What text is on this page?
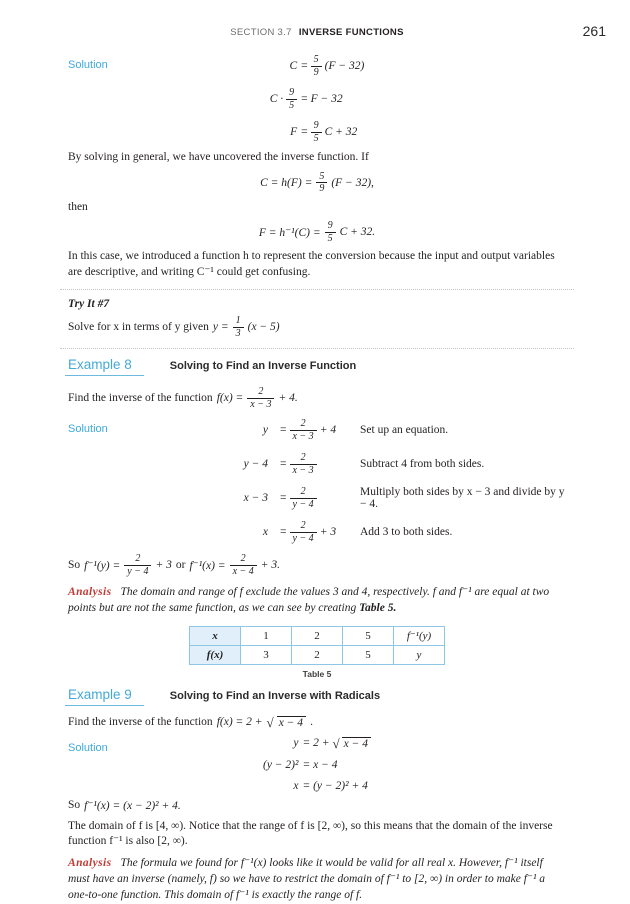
SECTION 3.7 INVERSE FUNCTIONS	261
Solution	$C = \frac{5}{9} (F - 32)$
$C \cdot \frac{9}{5} = F - 32$
$F = \frac{9}{5}$ C + 32

By solving in general, we have uncovered the inverse function. If

$C = h(F) = \frac{5}{9} (F - 32)$,

then

$F = h^{-1}(C) = \frac{9}{5}$ C + 32.

In this case, we introduced a function h to represent the conversion because the input and output variables are descriptive, and writing C⁻¹ could get confusing.

Try It #7

Solve for x in terms of y given $y = \frac{1}{3} (x - 5)$
Example 8	Solving to Find an Inverse Function
Find the inverse of the function $f(x) = \frac{2}{x - 3} + 4$.
Solution	$y = \frac{2}{x - 3} + 4$ Set up an equation.
$y - 4 = \frac{2}{x - 3}$	Subtract 4 from both sides.
$x - 3 = \frac{2}{y - 4}$	Multiply both sides by x − 3 and divide by y − 4.
$x = \frac{2}{y - 4} + 3$ Add 3 to both sides.
So $f^{-1}(y) = \frac{2}{y - 4} + 3$ or $f^{-1}(x) = \frac{2}{x - 4} + 3$.

Analysis The domain and range of f exclude the values 3 and 4, respectively. f and f⁻¹ are equal at two points but are not the same function, as we can see by creating Table 5.

x	1	2	5	f⁻¹(y)
f(x)	3	2	5	y
Table 5
Example 9	Solving to Find an Inverse with Radicals
Find the inverse of the function f(x) = 2 + √ x − 4 .
Solution	y = 2 + √ x − 4
(y − 2)² = x − 4
x = (y − 2)² + 4
So f⁻¹(x) = (x − 2)² + 4.

The domain of f is [4, ∞). Notice that the range of f is [2, ∞), so this means that the domain of the inverse function f⁻¹ is also [2, ∞).

Analysis The formula we found for f⁻¹(x) looks like it would be valid for all real x. However, f⁻¹ itself must have an inverse (namely, f) so we have to restrict the domain of f⁻¹ to [2, ∞) in order to make f⁻¹ a one-to-one function. This domain of f⁻¹ is exactly the range of f.
